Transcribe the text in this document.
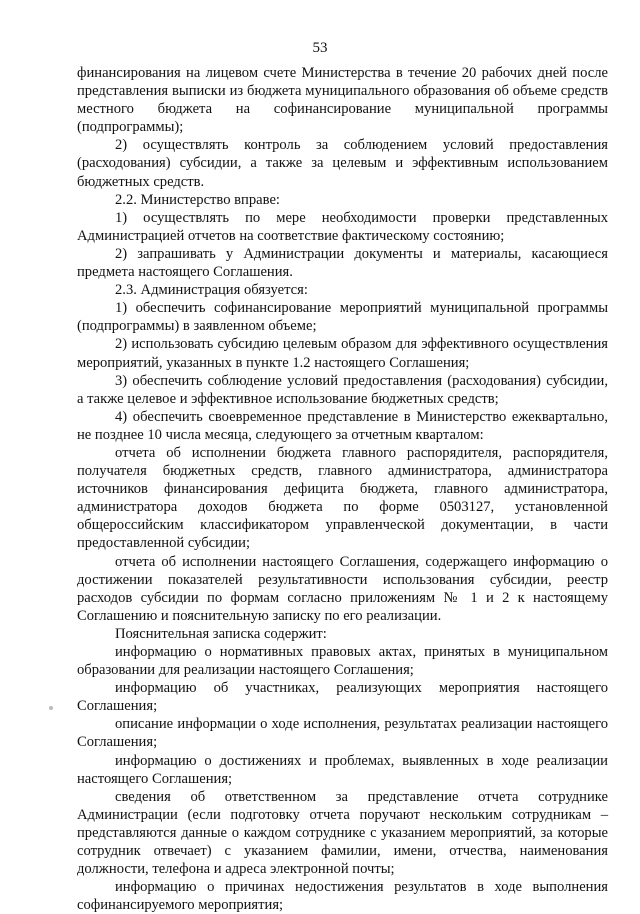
53

финансирования на лицевом счете Министерства в течение 20 рабочих дней после представления выписки из бюджета муниципального образования об объеме средств местного бюджета на софинансирование муниципальной программы (подпрограммы);

2) осуществлять контроль за соблюдением условий предоставления (расходования) субсидии, а также за целевым и эффективным использованием бюджетных средств.

2.2. Министерство вправе:

1) осуществлять по мере необходимости проверки представленных Администрацией отчетов на соответствие фактическому состоянию;

2) запрашивать у Администрации документы и материалы, касающиеся предмета настоящего Соглашения.

2.3. Администрация обязуется:

1) обеспечить софинансирование мероприятий муниципальной программы (подпрограммы) в заявленном объеме;

2) использовать субсидию целевым образом для эффективного осуществления мероприятий, указанных в пункте 1.2 настоящего Соглашения;

3) обеспечить соблюдение условий предоставления (расходования) субсидии, а также целевое и эффективное использование бюджетных средств;

4) обеспечить своевременное представление в Министерство ежеквартально, не позднее 10 числа месяца, следующего за отчетным кварталом:

отчета об исполнении бюджета главного распорядителя, распорядителя, получателя бюджетных средств, главного администратора, администратора источников финансирования дефицита бюджета, главного администратора, администратора доходов бюджета по форме 0503127, установленной общероссийским классификатором управленческой документации, в части предоставленной субсидии;

отчета об исполнении настоящего Соглашения, содержащего информацию о достижении показателей результативности использования субсидии, реестр расходов субсидии по формам согласно приложениям № 1 и 2 к настоящему Соглашению и пояснительную записку по его реализации.

Пояснительная записка содержит:

информацию о нормативных правовых актах, принятых в муниципальном образовании для реализации настоящего Соглашения;

информацию об участниках, реализующих мероприятия настоящего Соглашения;

описание информации о ходе исполнения, результатах реализации настоящего Соглашения;

информацию о достижениях и проблемах, выявленных в ходе реализации настоящего Соглашения;

сведения об ответственном за представление отчета сотруднике Администрации (если подготовку отчета поручают нескольким сотрудникам – представляются данные о каждом сотруднике с указанием мероприятий, за которые сотрудник отвечает) с указанием фамилии, имени, отчества, наименования должности, телефона и адреса электронной почты;

информацию о причинах недостижения результатов в ходе выполнения софинансируемого мероприятия;
